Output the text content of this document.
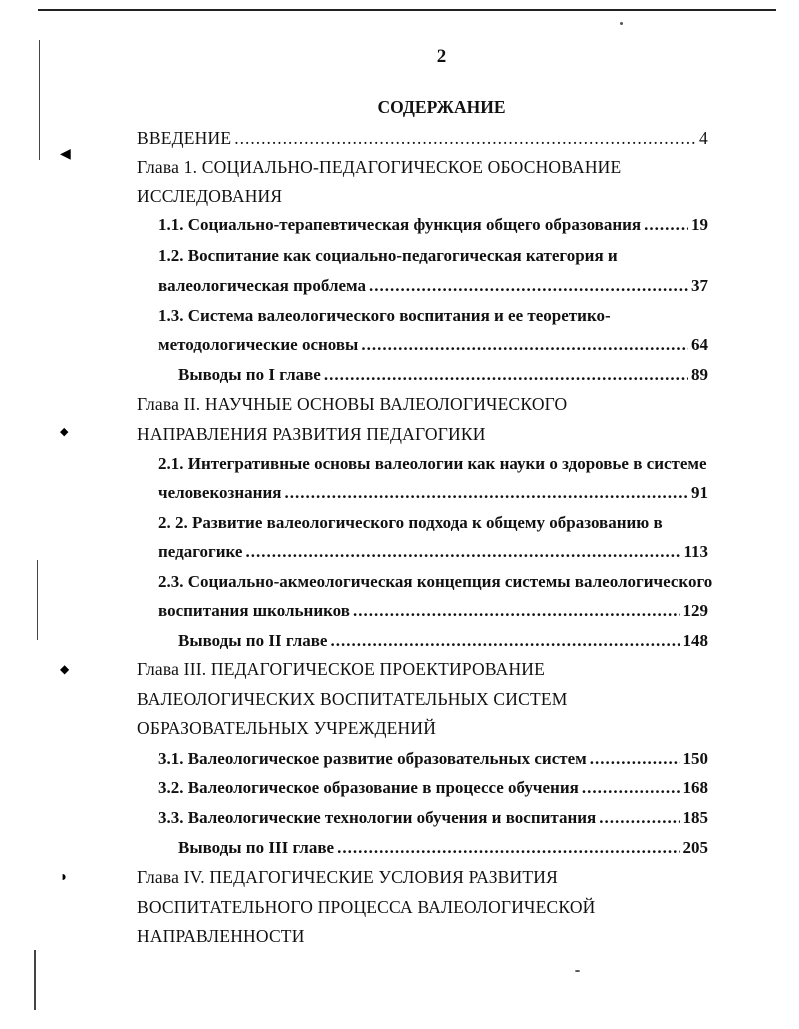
◀
◆
◆
◗
2
СОДЕРЖАНИЕ
ВВЕДЕНИЕ .....	4
Глава 1. СОЦИАЛЬНО-ПЕДАГОГИЧЕСКОЕ ОБОСНОВАНИЕ
ИССЛЕДОВАНИЯ
1.1. Социально-терапевтическая функция общего образования .....	19
1.2. Воспитание как социально-педагогическая категория и
валеологическая проблема .....	37
1.3. Система валеологического воспитания и ее теоретико-
методологические основы .....	64
Выводы по I главе .....	89
Глава II. НАУЧНЫЕ ОСНОВЫ ВАЛЕОЛОГИЧЕСКОГО
НАПРАВЛЕНИЯ РАЗВИТИЯ ПЕДАГОГИКИ
2.1. Интегративные основы валеологии как науки о здоровье в системе
человекознания .....	91
2. 2. Развитие валеологического подхода к общему образованию в
педагогике .....	113
2.3. Социально-акмеологическая концепция системы валеологического
воспитания школьников .....	129
Выводы по II главе .....	148
Глава III. ПЕДАГОГИЧЕСКОЕ ПРОЕКТИРОВАНИЕ
ВАЛЕОЛОГИЧЕСКИХ ВОСПИТАТЕЛЬНЫХ СИСТЕМ
ОБРАЗОВАТЕЛЬНЫХ УЧРЕЖДЕНИЙ
3.1. Валеологическое развитие образовательных систем .....	150
3.2. Валеологическое образование в процессе обучения .....	168
3.3. Валеологические технологии обучения и воспитания .....	185
Выводы по III главе .....	205
Глава IV. ПЕДАГОГИЧЕСКИЕ УСЛОВИЯ РАЗВИТИЯ
ВОСПИТАТЕЛЬНОГО ПРОЦЕССА ВАЛЕОЛОГИЧЕСКОЙ
НАПРАВЛЕННОСТИ
